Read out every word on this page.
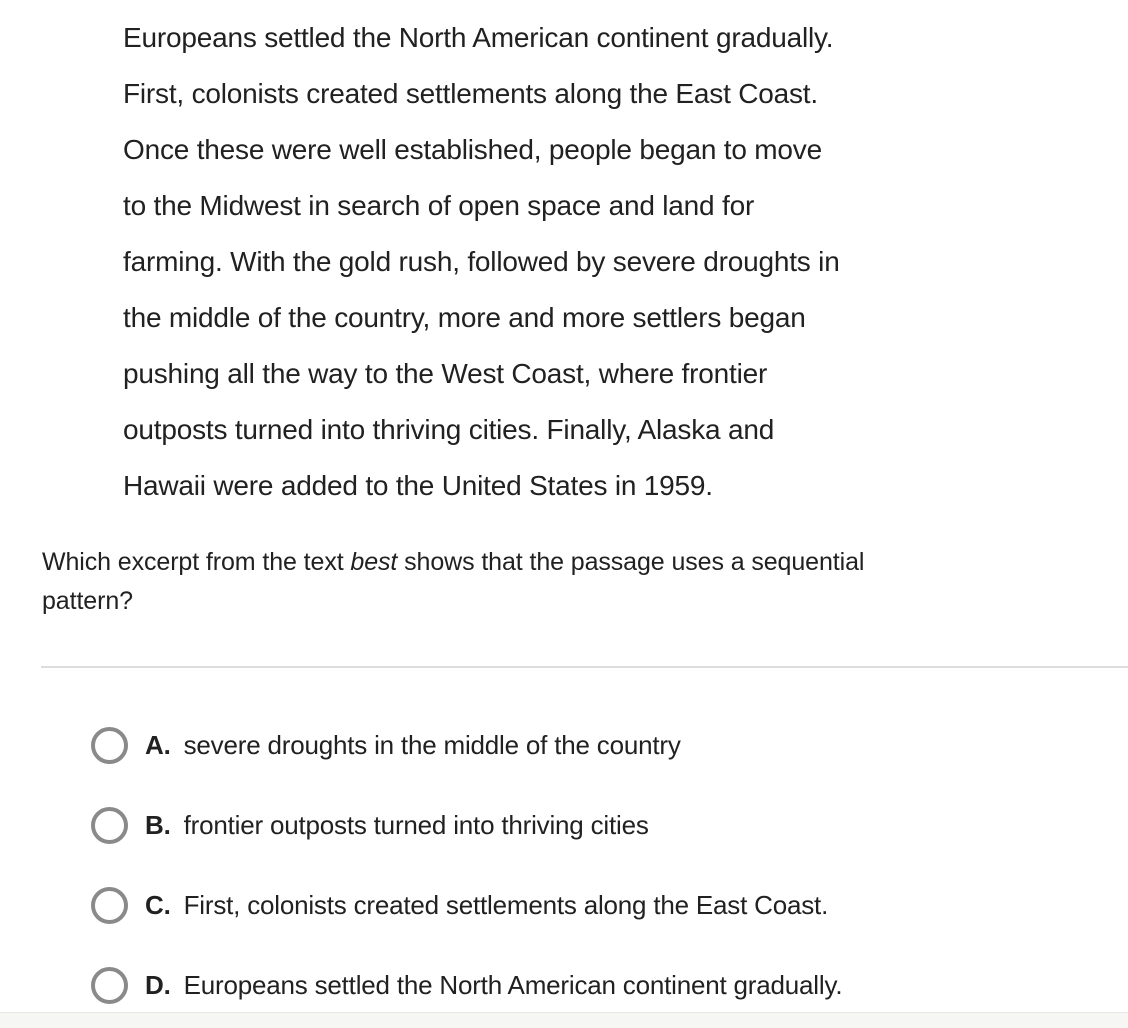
Europeans settled the North American continent gradually.
First, colonists created settlements along the East Coast.
Once these were well established, people began to move
to the Midwest in search of open space and land for
farming. With the gold rush, followed by severe droughts in
the middle of the country, more and more settlers began
pushing all the way to the West Coast, where frontier
outposts turned into thriving cities. Finally, Alaska and
Hawaii were added to the United States in 1959.
Which excerpt from the text best shows that the passage uses a sequential
pattern?
A. severe droughts in the middle of the country
B. frontier outposts turned into thriving cities
C. First, colonists created settlements along the East Coast.
D. Europeans settled the North American continent gradually.
